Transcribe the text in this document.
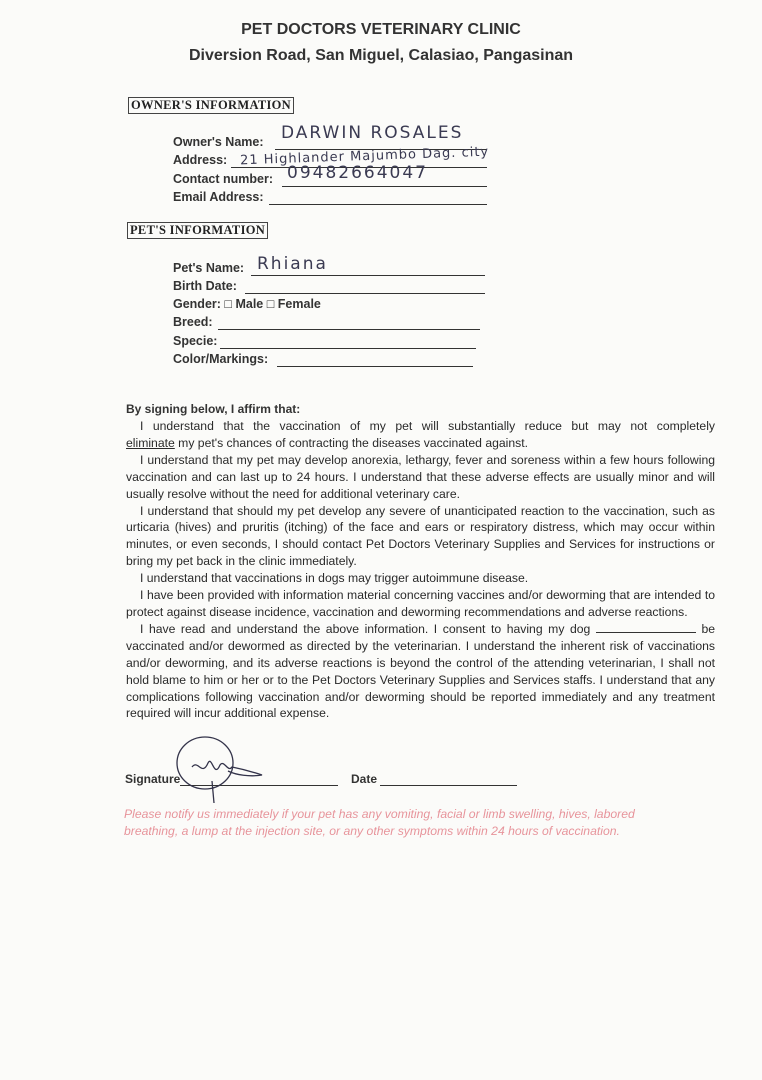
PET DOCTORS VETERINARY CLINIC
Diversion Road, San Miguel, Calasiao, Pangasinan
OWNER'S INFORMATION
Owner's Name: DARWIN ROSALES
Address: 21 Highlander Majumbo Dag. city
Contact number: 09482664047
Email Address:
PET'S INFORMATION
Pet's Name: Rhiana
Birth Date:
Gender: □ Male □ Female
Breed:
Specie:
Color/Markings:
By signing below, I affirm that:

I understand that the vaccination of my pet will substantially reduce but may not completely

eliminate my pet's chances of contracting the diseases vaccinated against.

I understand that my pet may develop anorexia, lethargy, fever and soreness within a few hours following vaccination and can last up to 24 hours. I understand that these adverse effects are usually minor and will usually resolve without the need for additional veterinary care.

I understand that should my pet develop any severe of unanticipated reaction to the vaccination, such as urticaria (hives) and pruritis (itching) of the face and ears or respiratory distress, which may occur within minutes, or even seconds, I should contact Pet Doctors Veterinary Supplies and Services for instructions or bring my pet back in the clinic immediately.

I understand that vaccinations in dogs may trigger autoimmune disease.

I have been provided with information material concerning vaccines and/or deworming that are intended to protect against disease incidence, vaccination and deworming recommendations and adverse reactions.

I have read and understand the above information. I consent to having my dog	be vaccinated and/or dewormed as directed by the veterinarian. I understand the inherent risk of vaccinations and/or deworming, and its adverse reactions is beyond the control of the attending veterinarian, I shall not hold blame to him or her or to the Pet Doctors Veterinary Supplies and Services staffs. I understand that any complications following vaccination and/or deworming should be reported immediately and any treatment required will incur additional expense.

Signature	Date
Please notify us immediately if your pet has any vomiting, facial or limb swelling, hives, labored breathing, a lump at the injection site, or any other symptoms within 24 hours of vaccination.
